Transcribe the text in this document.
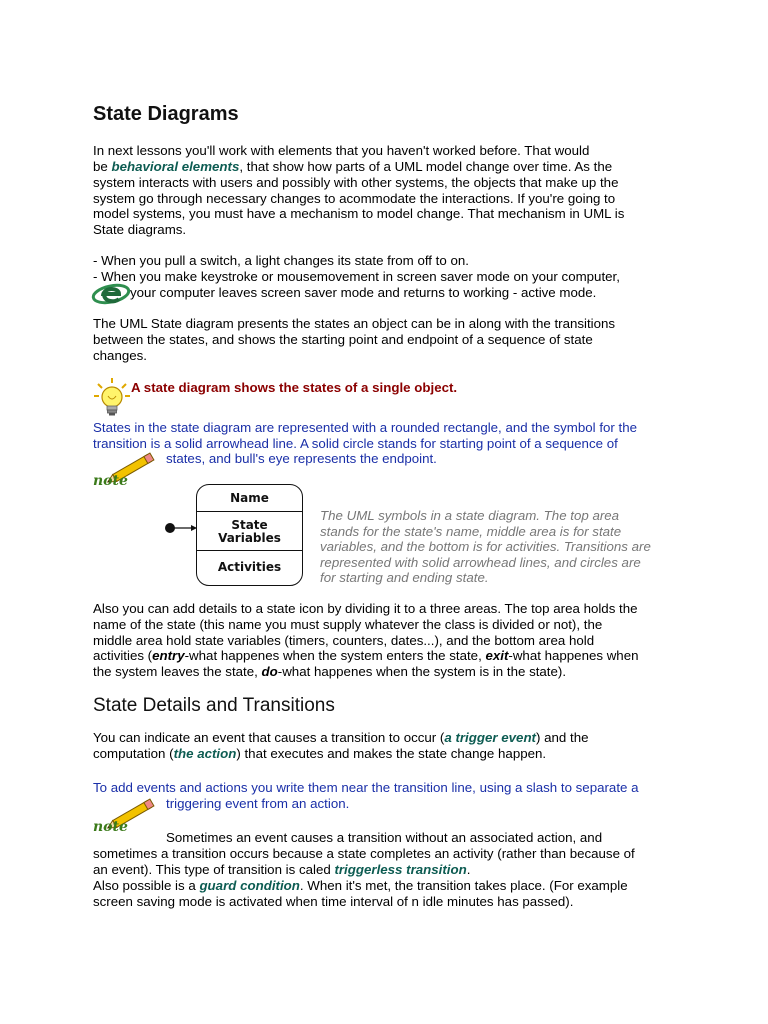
State Diagrams
In next lessons you'll work with elements that you haven't worked before. That would
be behavioral elements, that show how parts of a UML model change over time. As the
system interacts with users and possibly with other systems, the objects that make up the
system go through necessary changes to acommodate the interactions. If you're going to
model systems, you must have a mechanism to model change. That mechanism in UML is
State diagrams.
- When you pull a switch, a light changes its state from off to on.
- When you make keystroke or mousemovement in screen saver mode on your computer,
your computer leaves screen saver mode and returns to working - active mode.
The UML State diagram presents the states an object can be in along with the transitions
between the states, and shows the starting point and endpoint of a sequence of state
changes.
A state diagram shows the states of a single object.
States in the state diagram are represented with a rounded rectangle, and the symbol for the
transition is a solid arrowhead line. A solid circle stands for starting point of a sequence of
states, and bull's eye represents the endpoint.
note
Name
State
Variables
Activities
The UML symbols in a state diagram. The top area
stands for the state's name, middle area is for state
variables, and the bottom is for activities. Transitions are
represented with solid arrowhead lines, and circles are
for starting and ending state.
Also you can add details to a state icon by dividing it to a three areas. The top area holds the
name of the state (this name you must supply whatever the class is divided or not), the
middle area hold state variables (timers, counters, dates...), and the bottom area hold
activities (entry-what happenes when the system enters the state, exit-what happenes when
the system leaves the state, do-what happenes when the system is in the state).
State Details and Transitions
You can indicate an event that causes a transition to occur (a trigger event) and the
computation (the action) that executes and makes the state change happen.
To add events and actions you write them near the transition line, using a slash to separate a
triggering event from an action.
note
Sometimes an event causes a transition without an associated action, and
sometimes a transition occurs because a state completes an activity (rather than because of
an event). This type of transition is caled triggerless transition.
Also possible is a guard condition. When it's met, the transition takes place. (For example
screen saving mode is activated when time interval of n idle minutes has passed).
